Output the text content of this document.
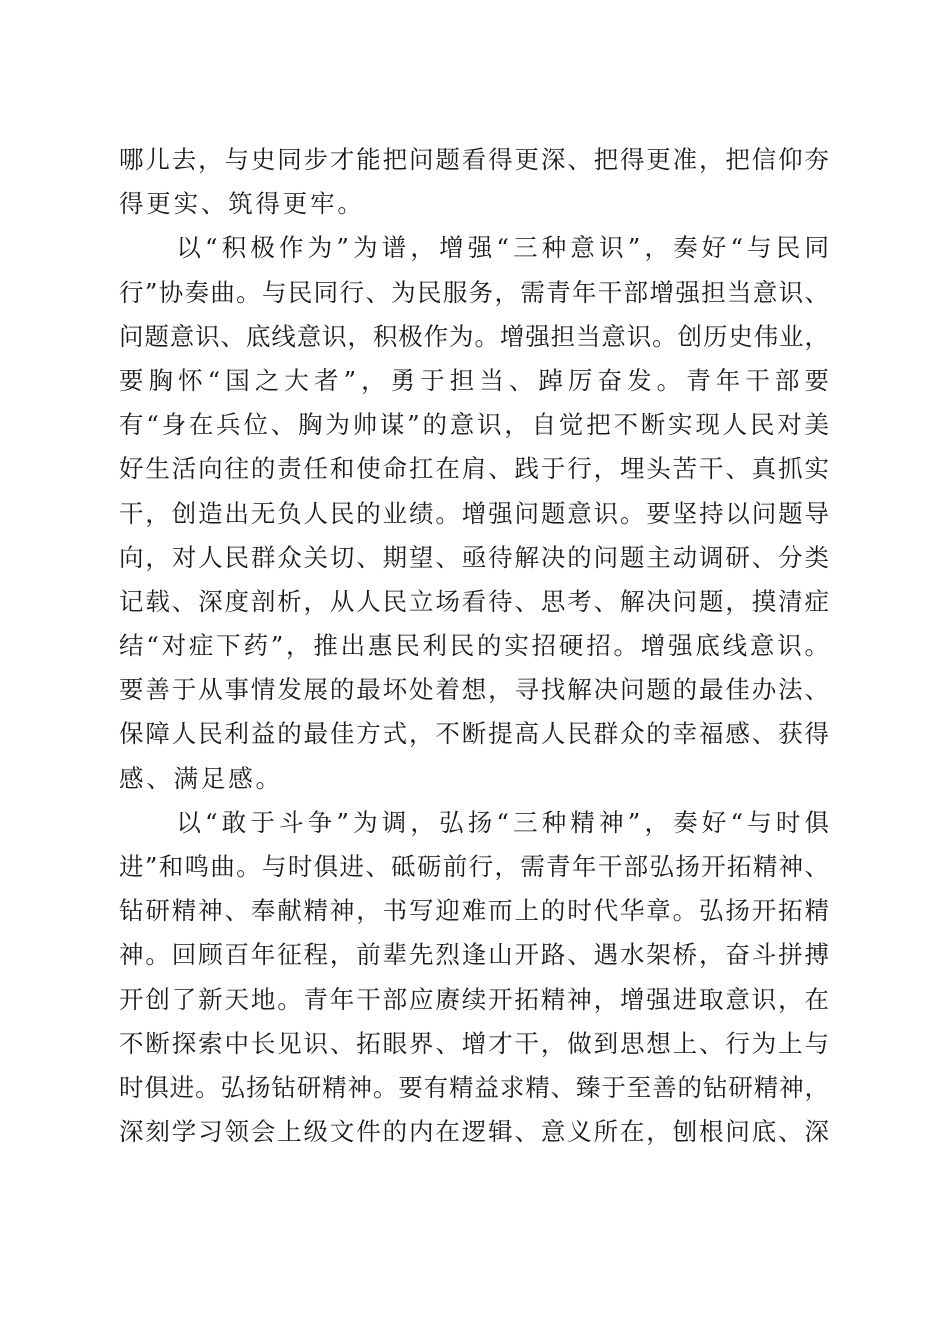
哪儿去，与史同步才能把问题看得更深、把得更准，把信仰夯
得更实、筑得更牢。
　　以“积极作为”为谱，增强“三种意识”，奏好“与民同
行”协奏曲。与民同行、为民服务，需青年干部增强担当意识、
问题意识、底线意识，积极作为。增强担当意识。创历史伟业，
要胸怀“国之大者”，勇于担当、踔厉奋发。青年干部要
有“身在兵位、胸为帅谋”的意识，自觉把不断实现人民对美
好生活向往的责任和使命扛在肩、践于行，埋头苦干、真抓实
干，创造出无负人民的业绩。增强问题意识。要坚持以问题导
向，对人民群众关切、期望、亟待解决的问题主动调研、分类
记载、深度剖析，从人民立场看待、思考、解决问题，摸清症
结“对症下药”，推出惠民利民的实招硬招。增强底线意识。
要善于从事情发展的最坏处着想，寻找解决问题的最佳办法、
保障人民利益的最佳方式，不断提高人民群众的幸福感、获得
感、满足感。
　　以“敢于斗争”为调，弘扬“三种精神”，奏好“与时俱
进”和鸣曲。与时俱进、砥砺前行，需青年干部弘扬开拓精神、
钻研精神、奉献精神，书写迎难而上的时代华章。弘扬开拓精
神。回顾百年征程，前辈先烈逢山开路、遇水架桥，奋斗拼搏
开创了新天地。青年干部应赓续开拓精神，增强进取意识，在
不断探索中长见识、拓眼界、增才干，做到思想上、行为上与
时俱进。弘扬钻研精神。要有精益求精、臻于至善的钻研精神，
深刻学习领会上级文件的内在逻辑、意义所在，刨根问底、深
